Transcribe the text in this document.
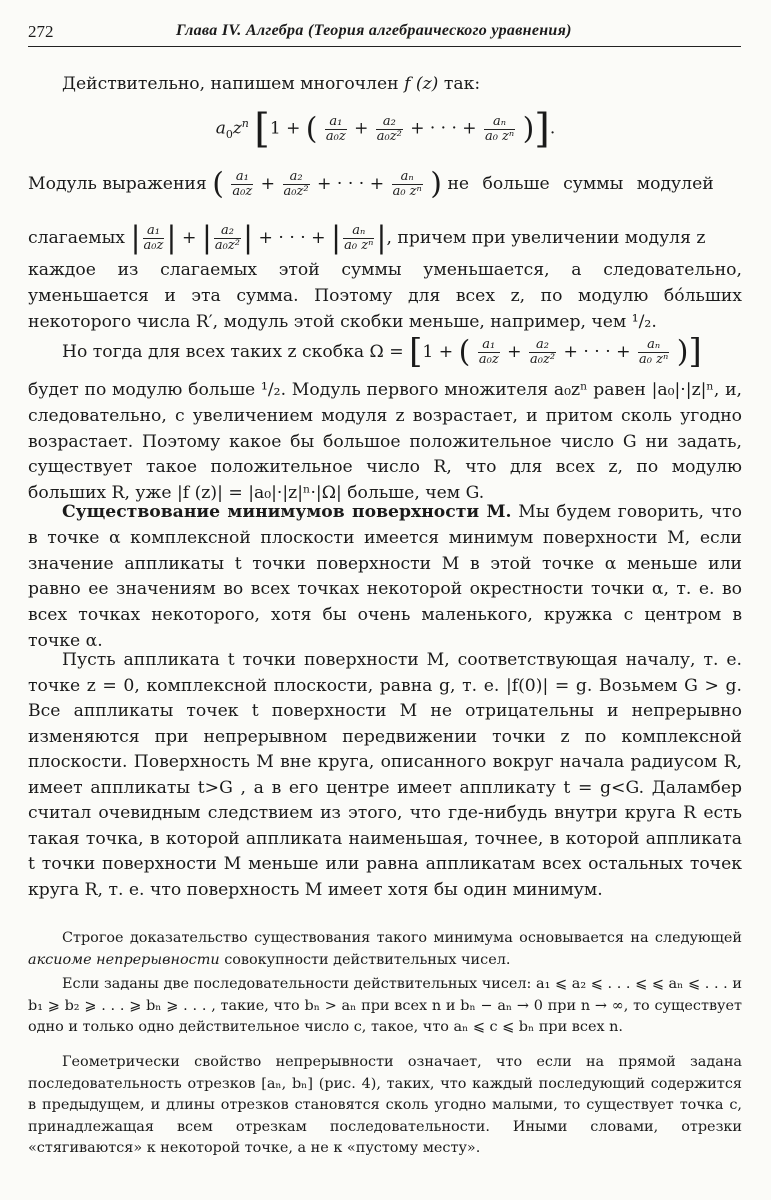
272	Глава IV. Алгебра (Теория алгебраического уравнения)

Действительно, напишем многочлен f (z) так:

$a_0z^n$ [1 + ( $\frac{\text{a₁}}{\text{a₀z}} + \frac{\text{a₂}}{\text{a₀z²}}$ + · · · + $\frac{\text{aₙ}}{\text{a₀ zⁿ}}$ )].
Модуль выражения ( $\frac{\text{a₁}}{\text{a₀z}} + \frac{\text{a₂}}{\text{a₀z²}}$ + · · · + $\frac{\text{aₙ}}{\text{a₀ zⁿ}}$ ) не больше суммы модулей
слагаемых | $\frac{\text{a₁}}{\text{a₀z}}$ | + | $\frac{\text{a₂}}{\text{a₀z²}}$ | + · · · + | $\frac{\text{aₙ}}{\text{a₀ zⁿ}}$ |, причем при увеличении модуля z

каждое из слагаемых этой суммы уменьшается, а следовательно, уменьшается и эта сумма. Поэтому для всех z, по модулю бо́льших некоторого числа R′, модуль этой скобки меньше, например, чем ¹/₂.

Но тогда для всех таких z скобка Ω = [1 + ( $\frac{\text{a₁}}{\text{a₀z}} + \frac{\text{a₂}}{\text{a₀z²}}$ + · · · + $\frac{\text{aₙ}}{\text{a₀ zⁿ}}$ )]

будет по модулю больше ¹/₂. Модуль первого множителя a₀zⁿ равен |a₀|·|z|ⁿ, и, следовательно, с увеличением модуля z возрастает, и притом сколь угодно возрастает. Поэтому какое бы большое положительное число G ни задать, существует такое положительное число R, что для всех z, по модулю больших R, уже |f (z)| = |a₀|·|z|ⁿ·|Ω| больше, чем G.

Существование минимумов поверхности M. Мы будем говорить, что в точке α комплексной плоскости имеется минимум поверхности M, если значение аппликаты t точки поверхности M в этой точке α меньше или равно ее значениям во всех точках некоторой окрестности точки α, т. е. во всех точках некоторого, хотя бы очень маленького, кружка с центром в точке α.

Пусть аппликата t точки поверхности M, соответствующая началу, т. е. точке z = 0, комплексной плоскости, равна g, т. е. |f(0)| = g. Возьмем G > g. Все аппликаты точек t поверхности M не отрицательны и непрерывно изменяются при непрерывном передвижении точки z по комплексной плоскости. Поверхность M вне круга, описанного вокруг начала радиусом R, имеет аппликаты t>G , а в его центре имеет аппликату t = g<G. Даламбер считал очевидным следствием из этого, что где-нибудь внутри круга R есть такая точка, в которой аппликата наименьшая, точнее, в которой аппликата t точки поверхности M меньше или равна аппликатам всех остальных точек круга R, т. е. что поверхность M имеет хотя бы один минимум.

Строгое доказательство существования такого минимума основывается на следующей аксиоме непрерывности совокупности действительных чисел.

Если заданы две последовательности действительных чисел: a₁ ⩽ a₂ ⩽ . . . ⩽ ⩽ aₙ ⩽ . . . и b₁ ⩾ b₂ ⩾ . . . ⩾ bₙ ⩾ . . . , такие, что bₙ > aₙ при всех n и bₙ − aₙ → 0 при n → ∞, то существует одно и только одно действительное число c, такое, что aₙ ⩽ c ⩽ bₙ при всех n.

Геометрически свойство непрерывности означает, что если на прямой задана последовательность отрезков [aₙ, bₙ] (рис. 4), таких, что каждый последующий содержится в предыдущем, и длины отрезков становятся сколь угодно малыми, то существует точка c, принадлежащая всем отрезкам последовательности. Иными словами, отрезки «стягиваются» к некоторой точке, а не к «пустому месту».
